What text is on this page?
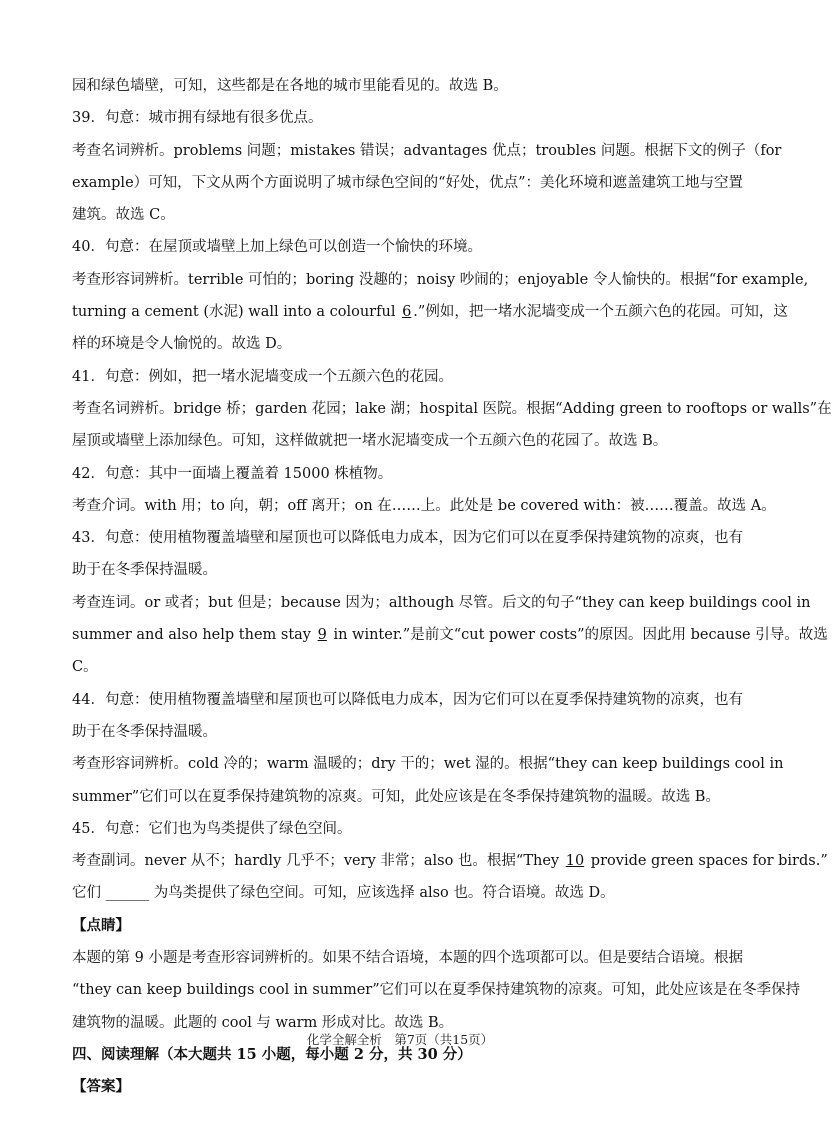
园和绿色墙壁，可知，这些都是在各地的城市里能看见的。故选 B。
39．句意：城市拥有绿地有很多优点。
考查名词辨析。problems 问题；mistakes 错误；advantages 优点；troubles 问题。根据下文的例子（for
example）可知，下文从两个方面说明了城市绿色空间的“好处，优点”：美化环境和遮盖建筑工地与空置
建筑。故选 C。
40．句意：在屋顶或墙壁上加上绿色可以创造一个愉快的环境。
考查形容词辨析。terrible 可怕的；boring 没趣的；noisy 吵闹的；enjoyable 令人愉快的。根据“for example,
turning a cement (水泥) wall into a colourful 6 .”例如，把一堵水泥墙变成一个五颜六色的花园。可知，这
样的环境是令人愉悦的。故选 D。
41．句意：例如，把一堵水泥墙变成一个五颜六色的花园。
考查名词辨析。bridge 桥；garden 花园；lake 湖；hospital 医院。根据“Adding green to rooftops or walls”在
屋顶或墙壁上添加绿色。可知，这样做就把一堵水泥墙变成一个五颜六色的花园了。故选 B。
42．句意：其中一面墙上覆盖着 15000 株植物。
考查介词。with 用；to 向，朝；off 离开；on 在……上。此处是 be covered with：被……覆盖。故选 A。
43．句意：使用植物覆盖墙壁和屋顶也可以降低电力成本，因为它们可以在夏季保持建筑物的凉爽，也有
助于在冬季保持温暖。
考查连词。or 或者；but 但是；because 因为；although 尽管。后文的句子“they can keep buildings cool in
summer and also help them stay 9 in winter.”是前文“cut power costs”的原因。因此用 because 引导。故选
C。
44．句意：使用植物覆盖墙壁和屋顶也可以降低电力成本，因为它们可以在夏季保持建筑物的凉爽，也有
助于在冬季保持温暖。
考查形容词辨析。cold 冷的；warm 温暖的；dry 干的；wet 湿的。根据“they can keep buildings cool in
summer”它们可以在夏季保持建筑物的凉爽。可知，此处应该是在冬季保持建筑物的温暖。故选 B。
45．句意：它们也为鸟类提供了绿色空间。
考查副词。never 从不；hardly 几乎不；very 非常；also 也。根据“They 10 provide green spaces for birds.”
它们 ______ 为鸟类提供了绿色空间。可知，应该选择 also 也。符合语境。故选 D。
【点睛】
本题的第 9 小题是考查形容词辨析的。如果不结合语境，本题的四个选项都可以。但是要结合语境。根据
“they can keep buildings cool in summer”它们可以在夏季保持建筑物的凉爽。可知，此处应该是在冬季保持
建筑物的温暖。此题的 cool 与 warm 形成对比。故选 B。
四、阅读理解（本大题共 15 小题，每小题 2 分，共 30 分）
【答案】
化学全解全析　第7页（共15页）
